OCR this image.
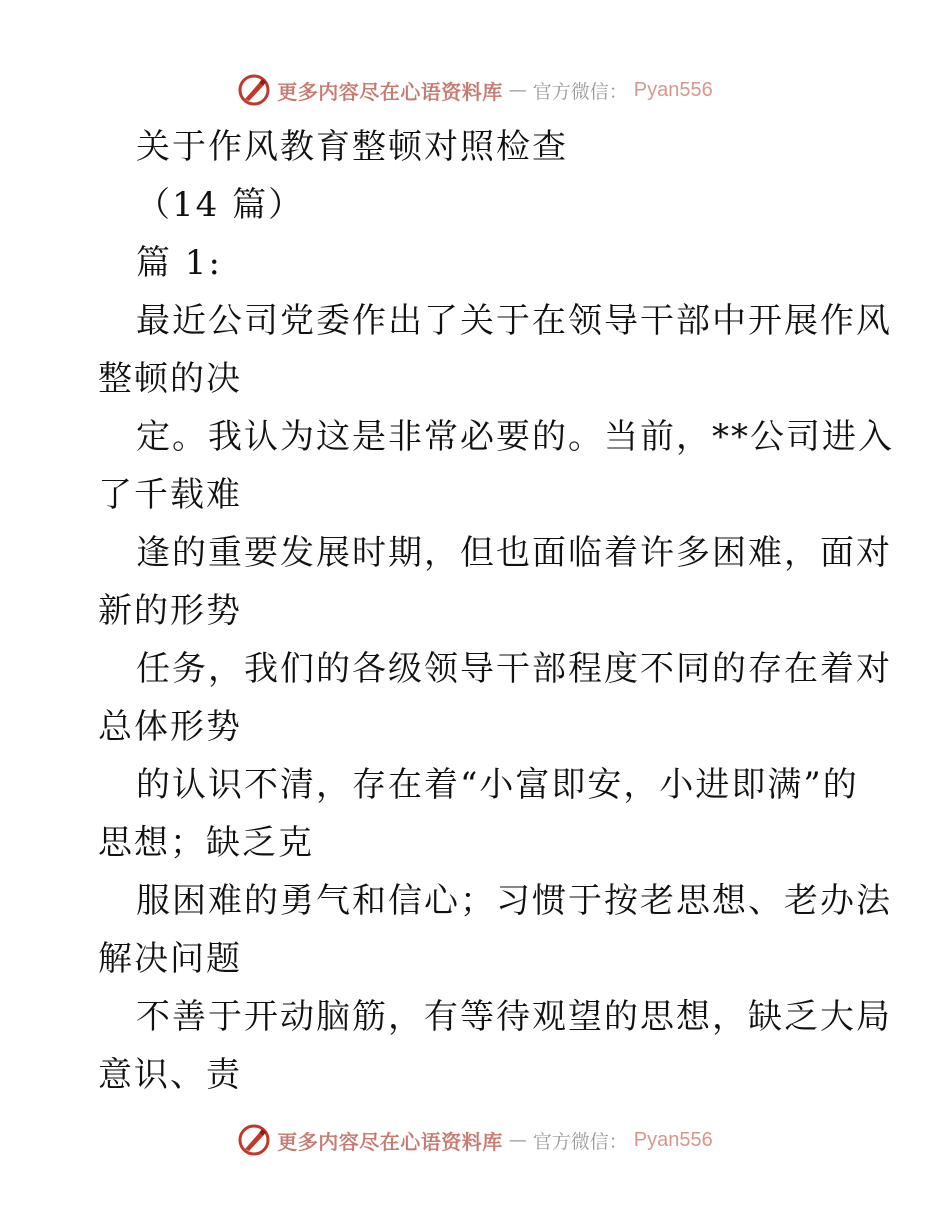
更多内容尽在心语资料库 — 官方微信： Pyan556
关于作风教育整顿对照检查
（14 篇）
篇 1:
最近公司党委作出了关于在领导干部中开展作风
整顿的决
定。我认为这是非常必要的。当前，**公司进入
了千载难
逢的重要发展时期，但也面临着许多困难，面对
新的形势
任务，我们的各级领导干部程度不同的存在着对
总体形势
的认识不清，存在着“小富即安，小进即满”的
思想；缺乏克
服困难的勇气和信心；习惯于按老思想、老办法
解决问题
不善于开动脑筋，有等待观望的思想，缺乏大局
意识、责
更多内容尽在心语资料库 — 官方微信： Pyan556
